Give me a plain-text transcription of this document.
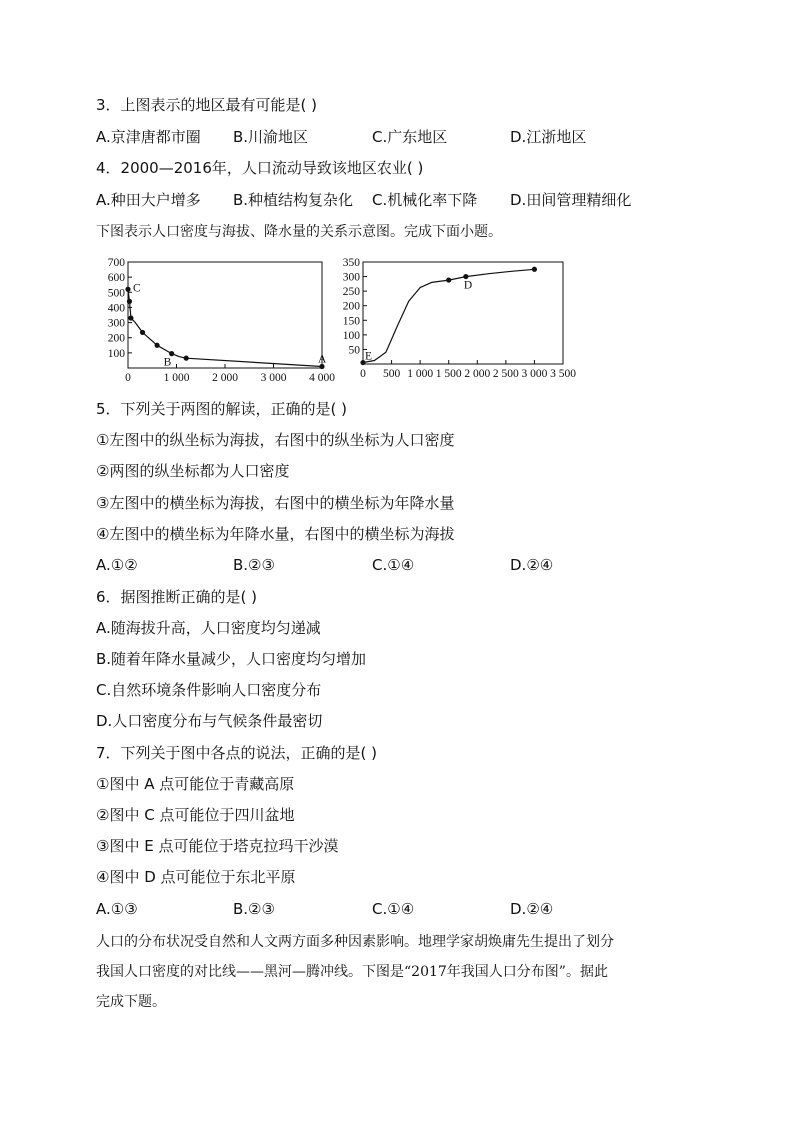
3．上图表示的地区最有可能是( )
A.京津唐都市圈 B.川渝地区	C.广东地区	D.江浙地区
4．2000—2016年，人口流动导致该地区农业( )
A.种田大户增多 B.种植结构复杂化 C.机械化率下降 D.田间管理精细化
下图表示人口密度与海拔、降水量的关系示意图。完成下面小题。
100
200
300
400
500
600
700
0	1 000 2 000 3 000 4 000
C
B	A
50
100
150
200
250
300
350
0 500 1 000 1 500 2 000 2 500 3 000 3 500
E
D
5．下列关于两图的解读，正确的是( )
①左图中的纵坐标为海拔，右图中的纵坐标为人口密度
②两图的纵坐标都为人口密度
③左图中的横坐标为海拔，右图中的横坐标为年降水量
④左图中的横坐标为年降水量，右图中的横坐标为海拔
A.①②	B.②③	C.①④	D.②④
6．据图推断正确的是( )
A.随海拔升高，人口密度均匀递减
B.随着年降水量减少，人口密度均匀增加
C.自然环境条件影响人口密度分布
D.人口密度分布与气候条件最密切
7．下列关于图中各点的说法，正确的是( )
①图中 A 点可能位于青藏高原
②图中 C 点可能位于四川盆地
③图中 E 点可能位于塔克拉玛干沙漠
④图中 D 点可能位于东北平原
A.①③	B.②③	C.①④	D.②④
人口的分布状况受自然和人文两方面多种因素影响。地理学家胡焕庸先生提出了划分
我国人口密度的对比线——黑河—腾冲线。下图是“2017年我国人口分布图”。据此
完成下题。
